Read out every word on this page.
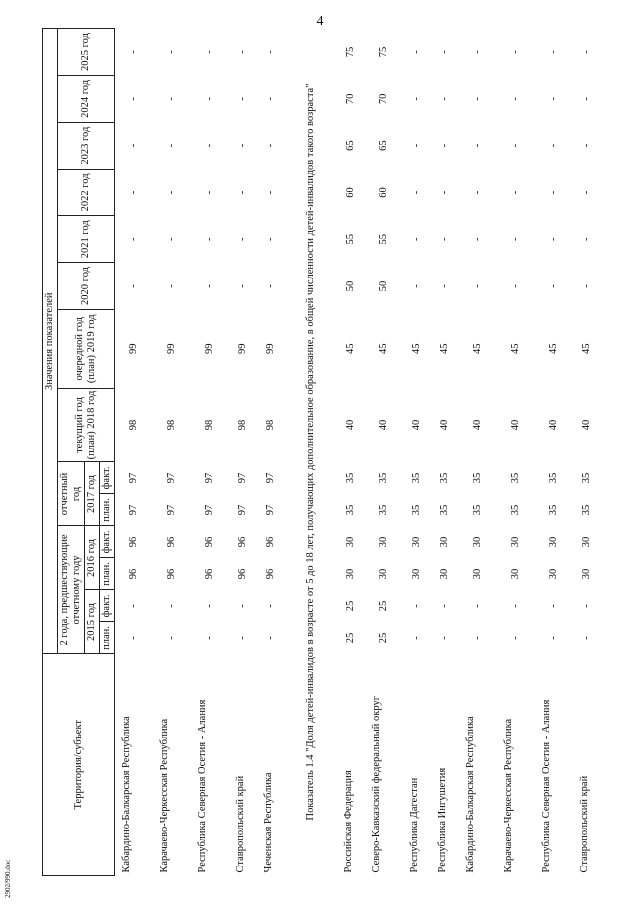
4
2902/990.doc
Территория/субъект	Значения показателей													
	2 года, предшествующие отчетному году				отчетный год		текущий год (план) 2018 год	очередной год (план) 2019 год	2020 год	2021 год	2022 год	2023 год	2024 год	2025 год
	2015 год		2016 год		2017 год									
	план.	факт.	план.	факт.	план.	факт.								
Кабардино-Балкарская Республика	-	-	96	96	97	97	98	99	-	-	-	-	-	-
Карачаево-Черкесская Республика	-	-	96	96	97	97	98	99	-	-	-	-	-	-
Республика Северная Осетия - Алания	-	-	96	96	97	97	98	99	-	-	-	-	-	-
Ставропольский край	-	-	96	96	97	97	98	99	-	-	-	-	-	-
Чеченская Республика	-	-	96	96	97	97	98	99	-	-	-	-	-	-
Показатель 1.4 "Доля детей-инвалидов в возрасте от 5 до 18 лет, получающих дополнительное образование, в общей численности детей-инвалидов такого возраста"														
Российская Федерация	25	25	30	30	35	35	40	45	50	55	60	65	70	75
Северо-Кавказский федеральный округ	25	25	30	30	35	35	40	45	50	55	60	65	70	75
Республика Дагестан	-	-	30	30	35	35	40	45	-	-	-	-	-	-
Республика Ингушетия	-	-	30	30	35	35	40	45	-	-	-	-	-	-
Кабардино-Балкарская Республика	-	-	30	30	35	35	40	45	-	-	-	-	-	-
Карачаево-Черкесская Республика	-	-	30	30	35	35	40	45	-	-	-	-	-	-
Республика Северная Осетия - Алания	-	-	30	30	35	35	40	45	-	-	-	-	-	-
Ставропольский край	-	-	30	30	35	35	40	45	-	-	-	-	-	-
